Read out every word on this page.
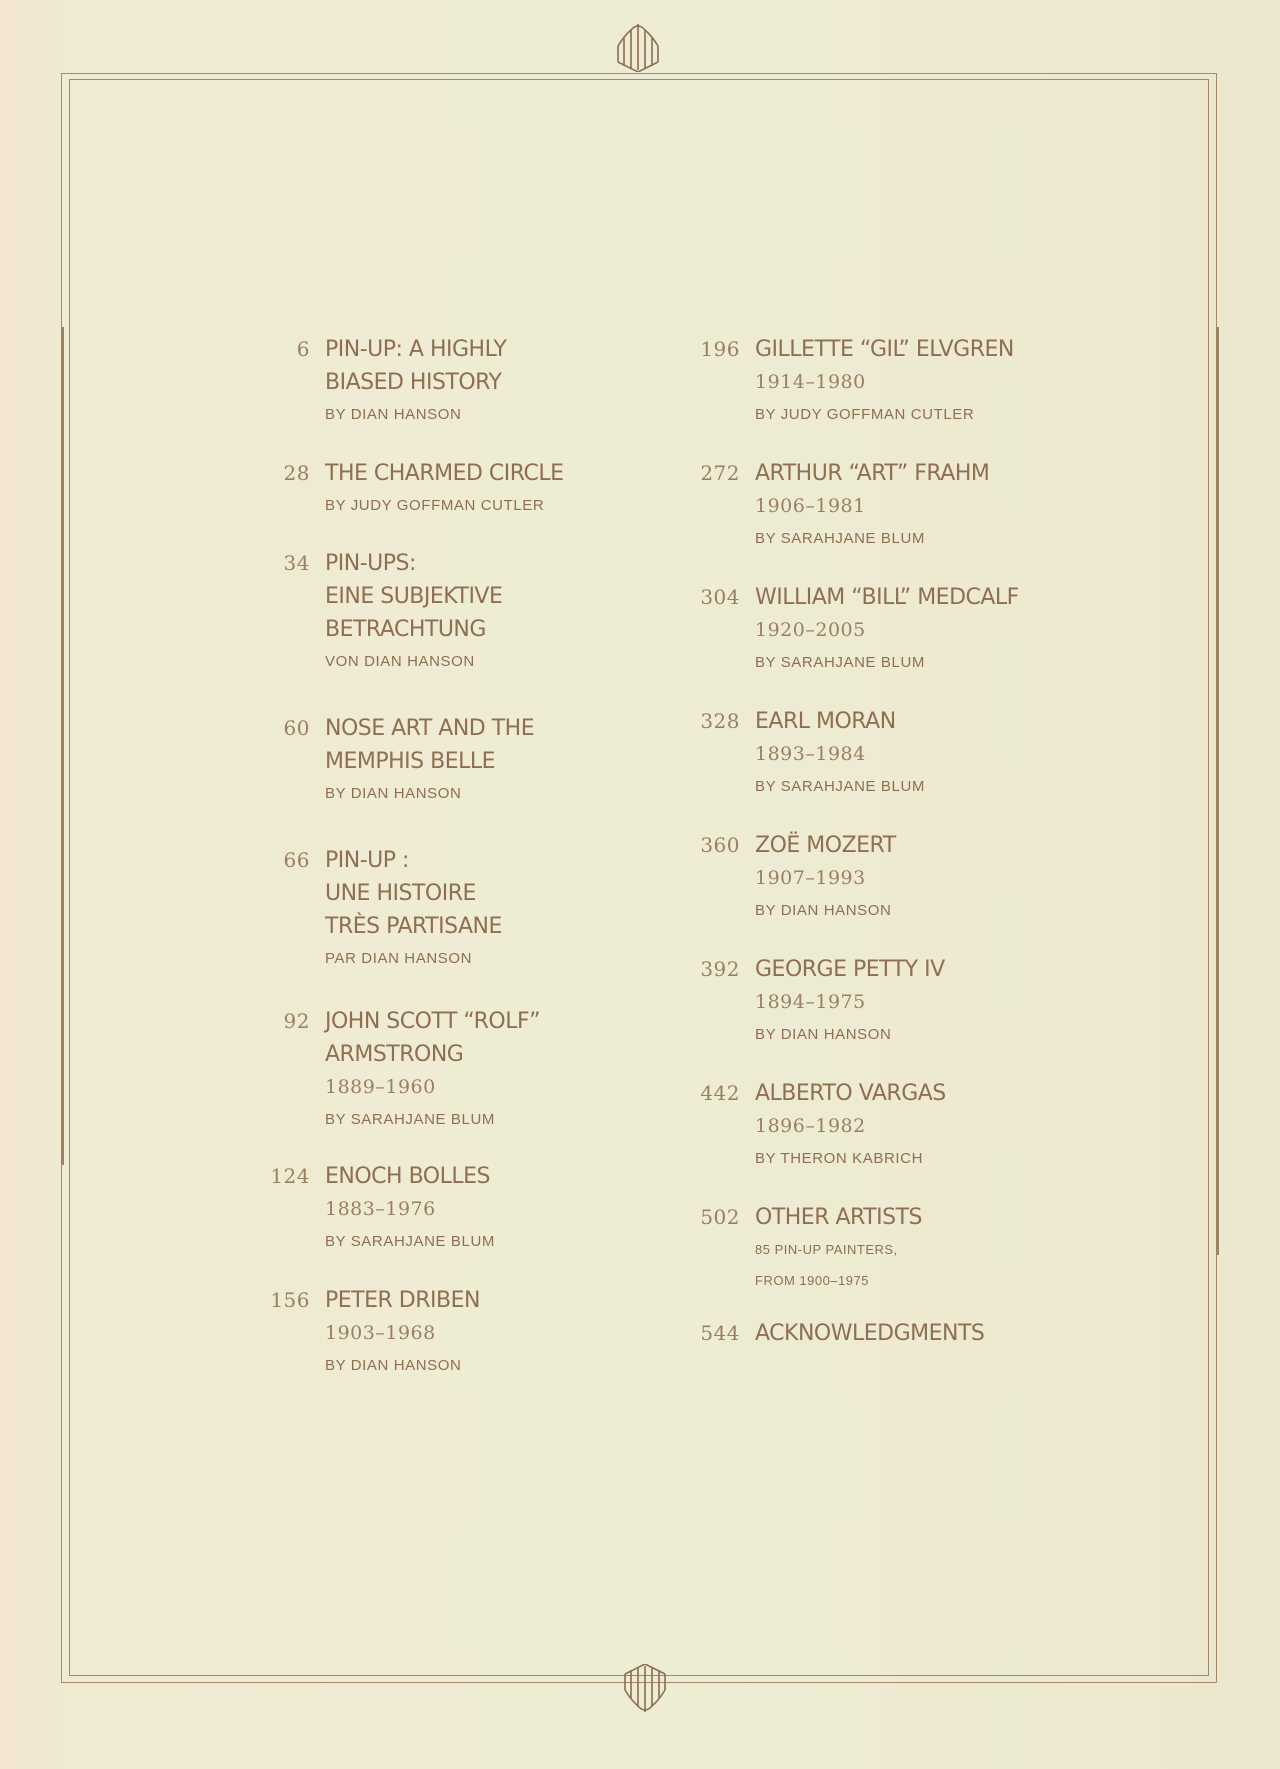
6 PIN-UP: A HIGHLY
BIASED HISTORY
BY DIAN HANSON
28 THE CHARMED CIRCLE
BY JUDY GOFFMAN CUTLER
34 PIN-UPS:
EINE SUBJEKTIVE
BETRACHTUNG
VON DIAN HANSON
60 NOSE ART AND THE
MEMPHIS BELLE
BY DIAN HANSON
66 PIN-UP :
UNE HISTOIRE
TRÈS PARTISANE
PAR DIAN HANSON
92 JOHN SCOTT “ROLF”
ARMSTRONG
1889–1960
BY SARAHJANE BLUM
124 ENOCH BOLLES
1883–1976
BY SARAHJANE BLUM
156 PETER DRIBEN
1903–1968
BY DIAN HANSON
196 GILLETTE “GIL” ELVGREN
1914–1980
BY JUDY GOFFMAN CUTLER
272 ARTHUR “ART” FRAHM
1906–1981
BY SARAHJANE BLUM
304 WILLIAM “BILL” MEDCALF
1920–2005
BY SARAHJANE BLUM
328 EARL MORAN
1893–1984
BY SARAHJANE BLUM
360 ZOË MOZERT
1907–1993
BY DIAN HANSON
392 GEORGE PETTY IV
1894–1975
BY DIAN HANSON
442 ALBERTO VARGAS
1896–1982
BY THERON KABRICH
502 OTHER ARTISTS
85 PIN-UP PAINTERS,
FROM 1900–1975
544 ACKNOWLEDGMENTS
